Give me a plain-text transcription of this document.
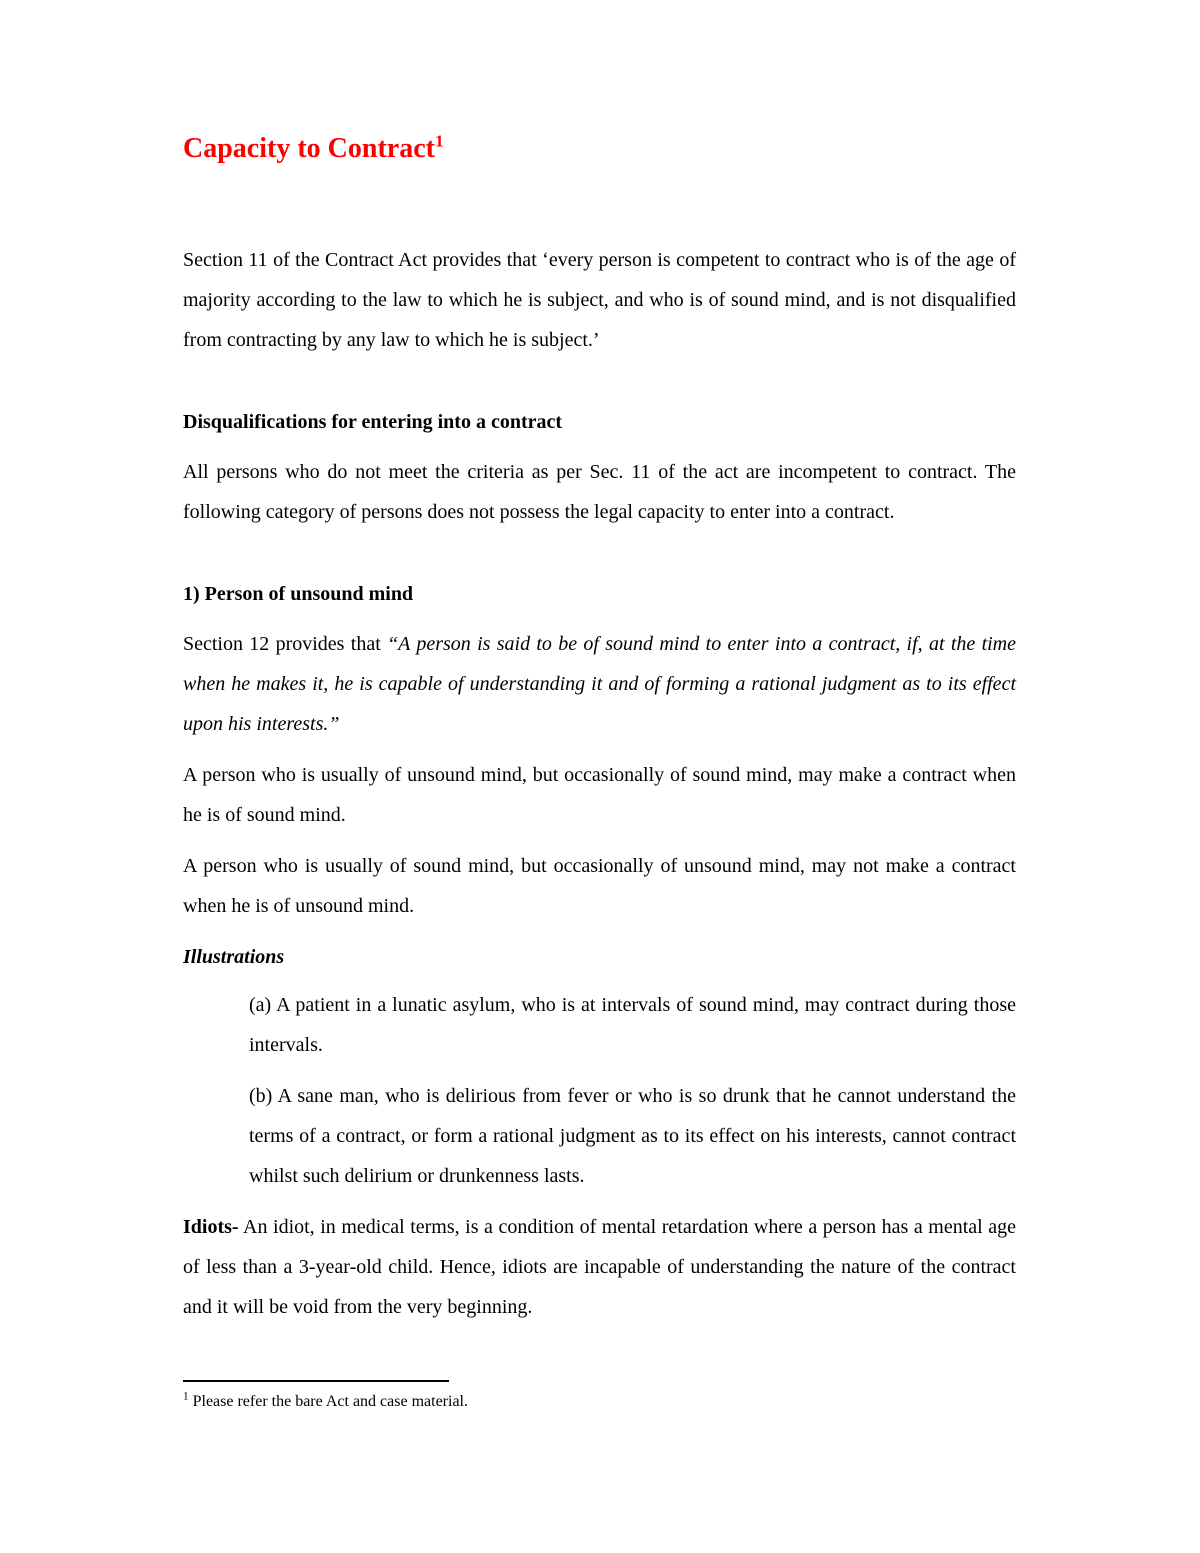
Capacity to Contract$^1$

Section 11 of the Contract Act provides that ‘every person is competent to contract who is of the age of majority according to the law to which he is subject, and who is of sound mind, and is not disqualified from contracting by any law to which he is subject.’

Disqualifications for entering into a contract

All persons who do not meet the criteria as per Sec. 11 of the act are incompetent to contract. The following category of persons does not possess the legal capacity to enter into a contract.

1) Person of unsound mind

Section 12 provides that “A person is said to be of sound mind to enter into a contract, if, at the time when he makes it, he is capable of understanding it and of forming a rational judgment as to its effect upon his interests.”

A person who is usually of unsound mind, but occasionally of sound mind, may make a contract when he is of sound mind.

A person who is usually of sound mind, but occasionally of unsound mind, may not make a contract when he is of unsound mind.

Illustrations

(a) A patient in a lunatic asylum, who is at intervals of sound mind, may contract during those intervals.

(b) A sane man, who is delirious from fever or who is so drunk that he cannot understand the terms of a contract, or form a rational judgment as to its effect on his interests, cannot contract whilst such delirium or drunkenness lasts.

Idiots- An idiot, in medical terms, is a condition of mental retardation where a person has a mental age of less than a 3-year-old child. Hence, idiots are incapable of understanding the nature of the contract and it will be void from the very beginning.

$^1$ Please refer the bare Act and case material.
